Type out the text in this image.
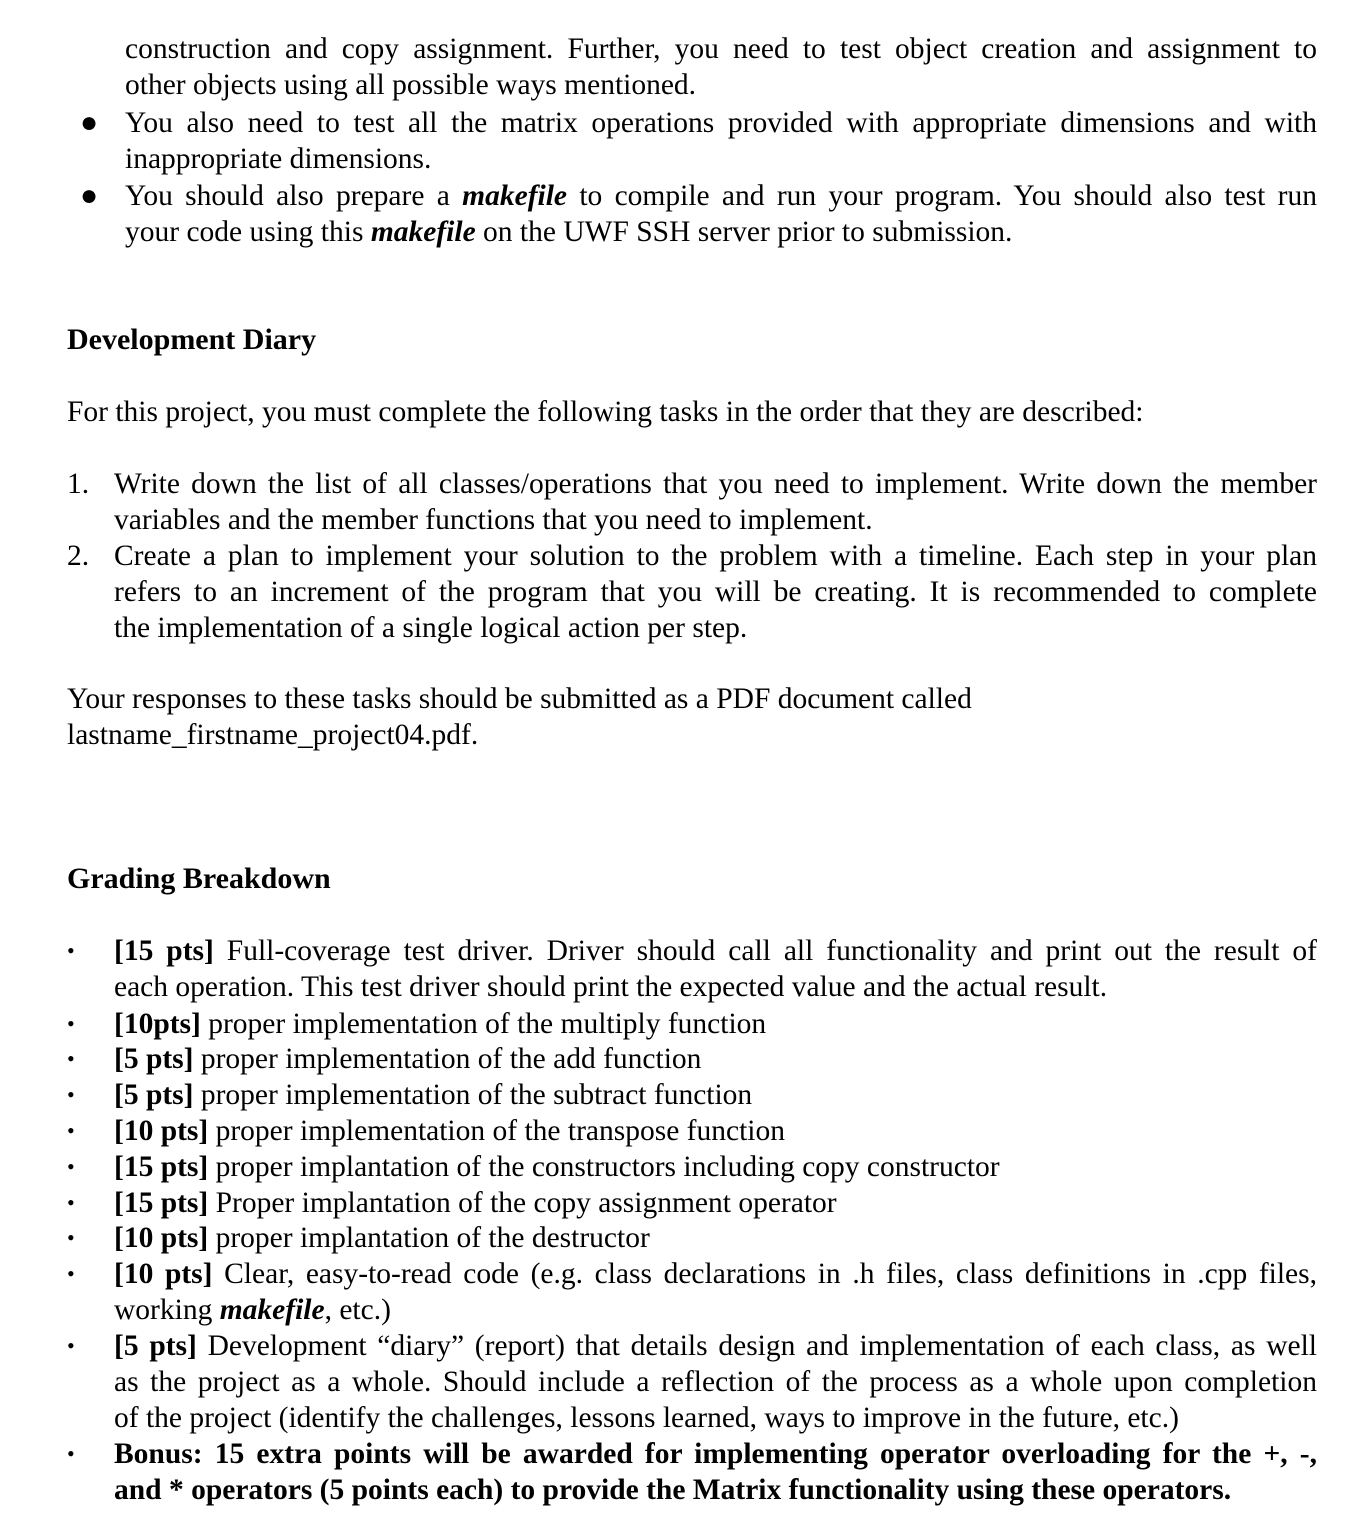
construction and copy assignment. Further, you need to test object creation and assignment to
other objects using all possible ways mentioned.
● You also need to test all the matrix operations provided with appropriate dimensions and with
inappropriate dimensions.
● You should also prepare a makefile to compile and run your program. You should also test run
your code using this makefile on the UWF SSH server prior to submission.
Development Diary
For this project, you must complete the following tasks in the order that they are described:
1. Write down the list of all classes/operations that you need to implement. Write down the member
variables and the member functions that you need to implement.
2. Create a plan to implement your solution to the problem with a timeline. Each step in your plan
refers to an increment of the program that you will be creating. It is recommended to complete
the implementation of a single logical action per step.
Your responses to these tasks should be submitted as a PDF document called
lastname_firstname_project04.pdf.
Grading Breakdown
• [15 pts] Full-coverage test driver. Driver should call all functionality and print out the result of
each operation. This test driver should print the expected value and the actual result.
• [10pts] proper implementation of the multiply function
• [5 pts] proper implementation of the add function
• [5 pts] proper implementation of the subtract function
• [10 pts] proper implementation of the transpose function
• [15 pts] proper implantation of the constructors including copy constructor
• [15 pts] Proper implantation of the copy assignment operator
• [10 pts] proper implantation of the destructor
• [10 pts] Clear, easy-to-read code (e.g. class declarations in .h files, class definitions in .cpp files,
working makefile, etc.)
• [5 pts] Development “diary” (report) that details design and implementation of each class, as well
as the project as a whole. Should include a reflection of the process as a whole upon completion
of the project (identify the challenges, lessons learned, ways to improve in the future, etc.)
• Bonus: 15 extra points will be awarded for implementing operator overloading for the +, -,
and * operators (5 points each) to provide the Matrix functionality using these operators.
